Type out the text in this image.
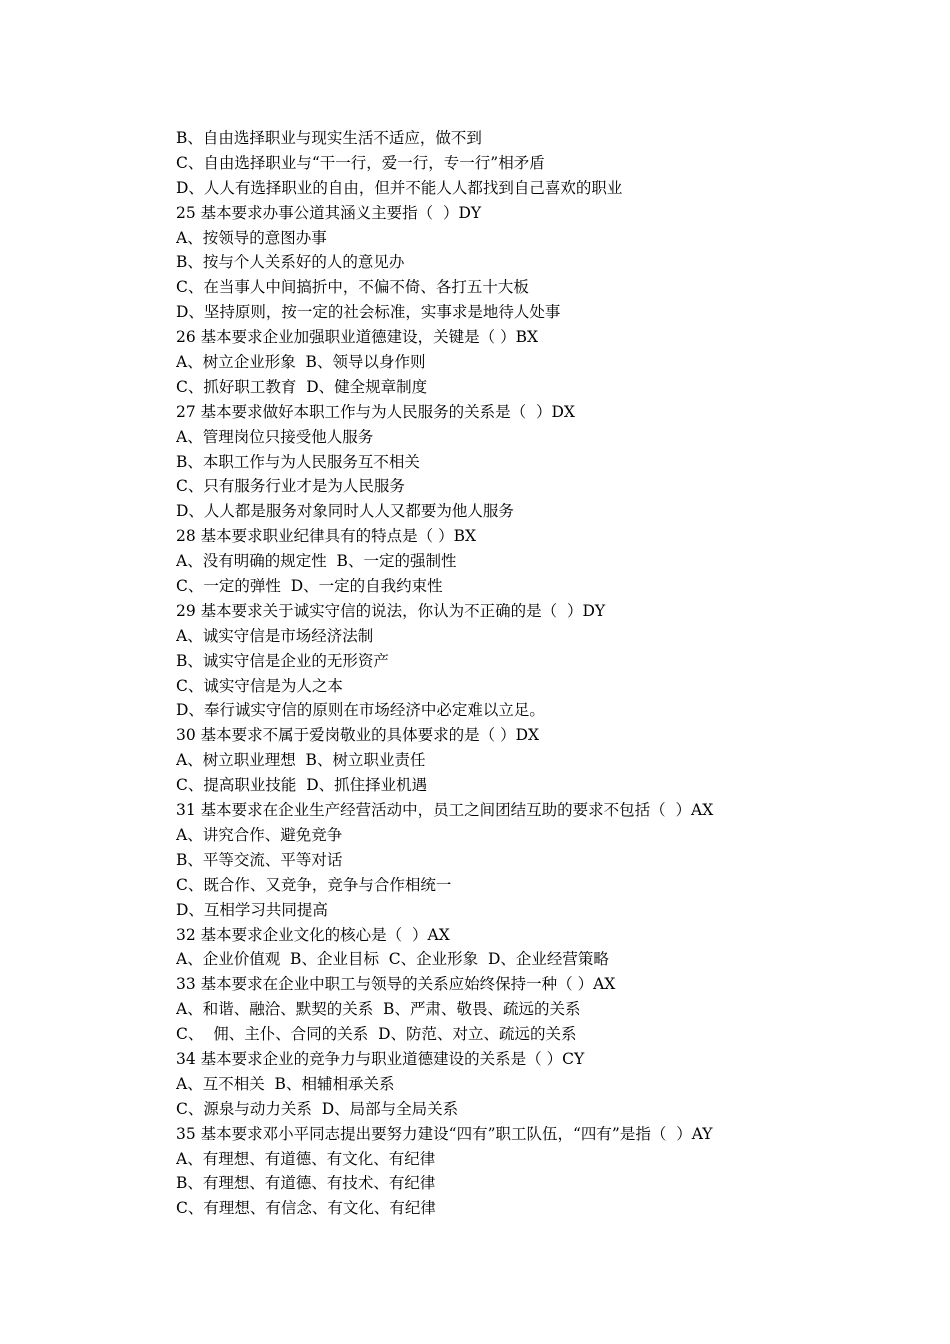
B、自由选择职业与现实生活不适应，做不到
C、自由选择职业与“干一行，爱一行，专一行”相矛盾
D、人人有选择职业的自由，但并不能人人都找到自己喜欢的职业
25 基本要求办事公道其涵义主要指（  ）DY
A、按领导的意图办事
B、按与个人关系好的人的意见办
C、在当事人中间搞折中，不偏不倚、各打五十大板
D、坚持原则，按一定的社会标准，实事求是地待人处事
26 基本要求企业加强职业道德建设，关键是（ ）BX
A、树立企业形象  B、领导以身作则
C、抓好职工教育  D、健全规章制度
27 基本要求做好本职工作与为人民服务的关系是（  ）DX
A、管理岗位只接受他人服务
B、本职工作与为人民服务互不相关
C、只有服务行业才是为人民服务
D、人人都是服务对象同时人人又都要为他人服务
28 基本要求职业纪律具有的特点是（ ）BX
A、没有明确的规定性  B、一定的强制性
C、一定的弹性  D、一定的自我约束性
29 基本要求关于诚实守信的说法，你认为不正确的是（  ）DY
A、诚实守信是市场经济法制
B、诚实守信是企业的无形资产
C、诚实守信是为人之本
D、奉行诚实守信的原则在市场经济中必定难以立足。
30 基本要求不属于爱岗敬业的具体要求的是（ ）DX
A、树立职业理想  B、树立职业责任
C、提高职业技能  D、抓住择业机遇
31 基本要求在企业生产经营活动中，员工之间团结互助的要求不包括（  ）AX
A、讲究合作、避免竞争
B、平等交流、平等对话
C、既合作、又竞争，竞争与合作相统一
D、互相学习共同提高
32 基本要求企业文化的核心是（  ）AX
A、企业价值观  B、企业目标  C、企业形象  D、企业经营策略
33 基本要求在企业中职工与领导的关系应始终保持一种（ ）AX
A、和谐、融洽、默契的关系  B、严肃、敬畏、疏远的关系
C、  佣、主仆、合同的关系  D、防范、对立、疏远的关系
34 基本要求企业的竞争力与职业道德建设的关系是（ ）CY
A、互不相关  B、相辅相承关系
C、源泉与动力关系  D、局部与全局关系
35 基本要求邓小平同志提出要努力建设“四有”职工队伍，“四有”是指（  ）AY
A、有理想、有道德、有文化、有纪律
B、有理想、有道德、有技术、有纪律
C、有理想、有信念、有文化、有纪律
